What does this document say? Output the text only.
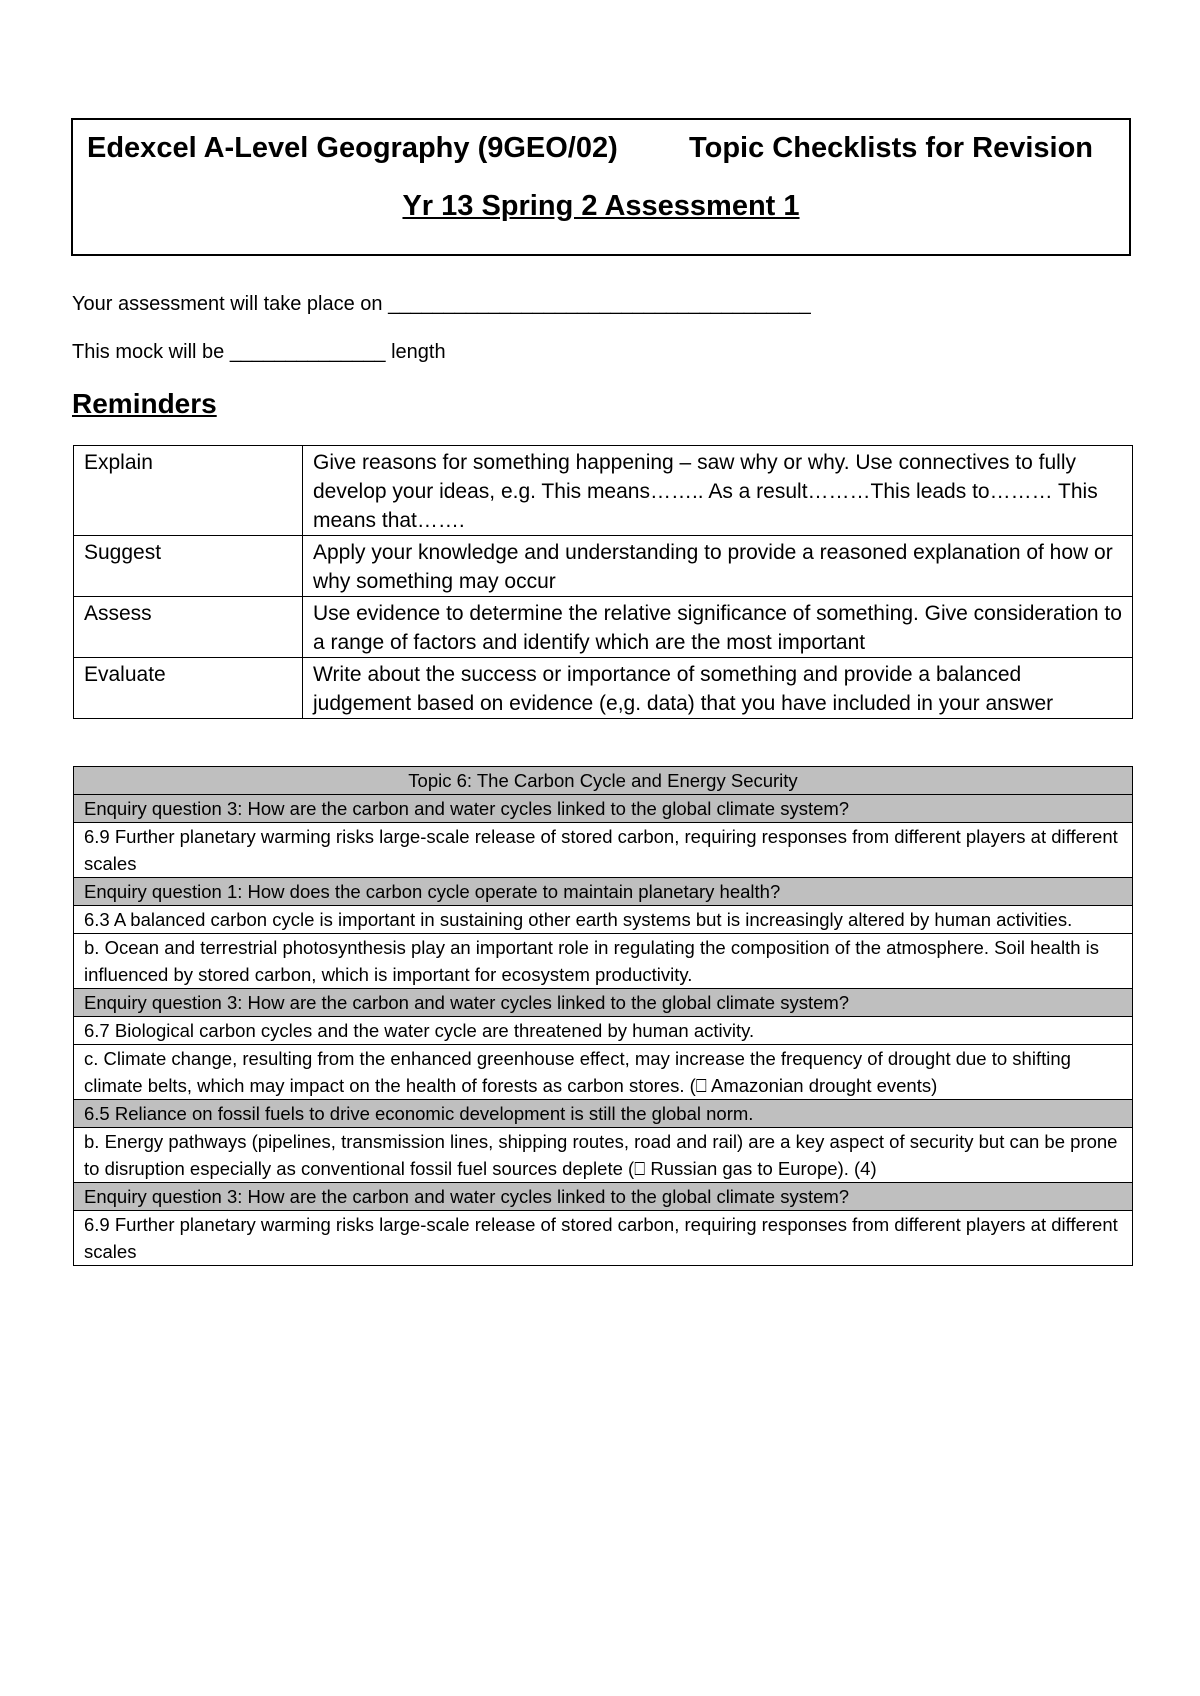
Edexcel A-Level Geography (9GEO/02) Topic Checklists for Revision
Yr 13 Spring 2 Assessment 1
Your assessment will take place on ______________________________________
This mock will be ______________ length
Reminders
Explain	Give reasons for something happening – saw why or why. Use connectives to fully develop your ideas, e.g. This means…….. As a result………This leads to……… This means that…….
Suggest	Apply your knowledge and understanding to provide a reasoned explanation of how or why something may occur
Assess	Use evidence to determine the relative significance of something. Give consideration to a range of factors and identify which are the most important
Evaluate	Write about the success or importance of something and provide a balanced judgement based on evidence (e,g. data) that you have included in your answer
Topic 6: The Carbon Cycle and Energy Security
Enquiry question 3: How are the carbon and water cycles linked to the global climate system?
6.9 Further planetary warming risks large-scale release of stored carbon, requiring responses from different players at different scales
Enquiry question 1: How does the carbon cycle operate to maintain planetary health?
6.3 A balanced carbon cycle is important in sustaining other earth systems but is increasingly altered by human activities.
b. Ocean and terrestrial photosynthesis play an important role in regulating the composition of the atmosphere. Soil health is influenced by stored carbon, which is important for ecosystem productivity.
Enquiry question 3: How are the carbon and water cycles linked to the global climate system?
6.7 Biological carbon cycles and the water cycle are threatened by human activity.
c. Climate change, resulting from the enhanced greenhouse effect, may increase the frequency of drought due to shifting climate belts, which may impact on the health of forests as carbon stores. (⎕ Amazonian drought events)
6.5 Reliance on fossil fuels to drive economic development is still the global norm.
b. Energy pathways (pipelines, transmission lines, shipping routes, road and rail) are a key aspect of security but can be prone to disruption especially as conventional fossil fuel sources deplete (⎕ Russian gas to Europe). (4)
Enquiry question 3: How are the carbon and water cycles linked to the global climate system?
6.9 Further planetary warming risks large-scale release of stored carbon, requiring responses from different players at different scales
